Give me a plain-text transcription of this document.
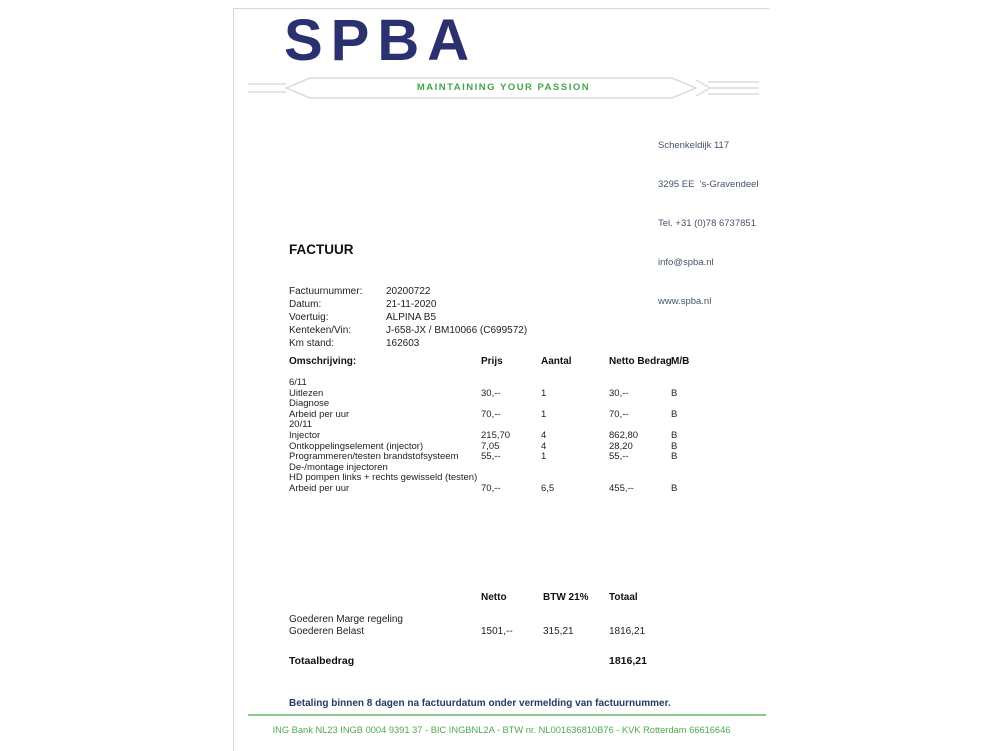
SPBA
MAINTAINING YOUR PASSION

Schenkeldijk 117

3295 EE  's-Gravendeel

Tel. +31 (0)78 6737851

info@spba.nl

www.spba.nl

FACTUUR
Factuurnummer: 20200722
Datum:	21-11-2020
Voertuig:	ALPINA B5
Kenteken/Vin:	J-658-JX / BM10066 (C699572)
Km stand:	162603
Omschrijving:	Prijs	Aantal	Netto Bedrag M/B
6/11
Uitlezen	30,--	1	30,--	B
Diagnose
Arbeid per uur	70,--	1	70,--	B
20/11
Injector	215,70	4	862,80	B
Ontkoppelingselement (injector)	7,05	4	28,20	B
Programmeren/testen brandstofsysteem 55,--	1	55,--	B
De-/montage injectoren
HD pompen links + rechts gewisseld (testen)
Arbeid per uur	70,--	6,5	455,--	B
Netto	BTW 21% Totaal
Goederen Marge regeling
Goederen Belast	1501,--	315,21	1816,21
Totaalbedrag	1816,21
Betaling binnen 8 dagen na factuurdatum onder vermelding van factuurnummer.
ING Bank NL23 INGB 0004 9391 37 - BIC INGBNL2A - BTW nr. NL001636810B76 - KVK Rotterdam 66616646
